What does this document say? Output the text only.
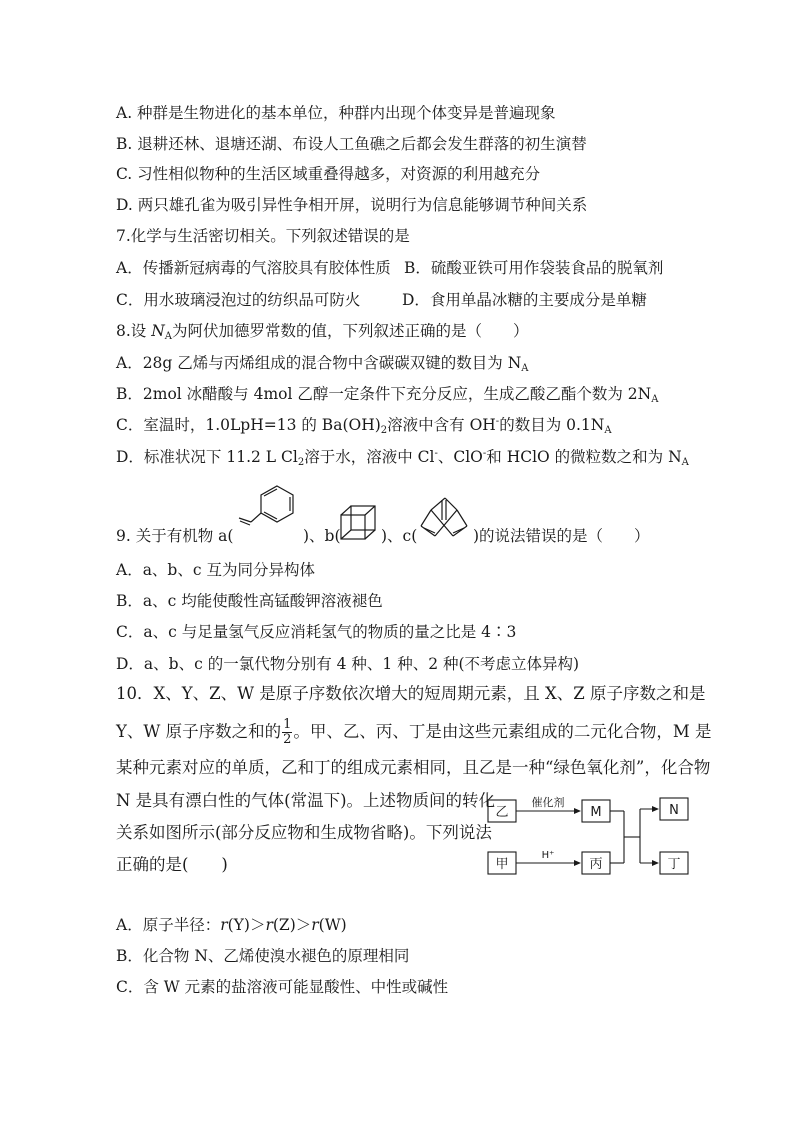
A. 种群是生物进化的基本单位，种群内出现个体变异是普遍现象
B. 退耕还林、退塘还湖、布设人工鱼礁之后都会发生群落的初生演替
C. 习性相似物种的生活区域重叠得越多，对资源的利用越充分
D. 两只雄孔雀为吸引异性争相开屏，说明行为信息能够调节种间关系
7.化学与生活密切相关。下列叙述错误的是
A．传播新冠病毒的气溶胶具有胶体性质 B．硫酸亚铁可用作袋装食品的脱氧剂
C．用水玻璃浸泡过的纺织品可防火	D．食用单晶冰糖的主要成分是单糖
8.设 $N_A$为阿伏加德罗常数的值，下列叙述正确的是（　　）
A．28g 乙烯与丙烯组成的混合物中含碳碳双键的数目为 $N_A$
B．2mol 冰醋酸与 4mol 乙醇一定条件下充分反应，生成乙酸乙酯个数为 $2N_A$
C．室温时，1.0LpH=13 的 $Ba(OH)_2$溶液中含有 OH-的数目为 $0.1N_A$
D．标准状况下 11.2 L $Cl_2$溶于水，溶液中 Cl-、ClO-和 HClO 的微粒数之和为 $N_A$
9. 关于有机物 a(	)、b(	)、c(	)的说法错误的是（　　）
A．a、b、c 互为同分异构体
B．a、c 均能使酸性高锰酸钾溶液褪色
C．a、c 与足量氢气反应消耗氢气的物质的量之比是 4∶3
D．a、b、c 的一氯代物分别有 4 种、1 种、2 种(不考虑立体异构)
10．X、Y、Z、W 是原子序数依次增大的短周期元素，且 X、Z 原子序数之和是
Y、W 原子序数之和的 $\frac{1}{2}$ 。甲、乙、丙、丁是由这些元素组成的二元化合物，M 是
某种元素对应的单质，乙和丁的组成元素相同，且乙是一种“绿色氧化剂”，化合物
N 是具有漂白性的气体(常温下)。上述物质间的转化
关系如图所示(部分反应物和生成物省略)。下列说法
正确的是(　　)
乙	M	N
甲	丙	丁
催化剂
H⁺
A．原子半径：r(Y)＞r(Z)＞r(W)
B．化合物 N、乙烯使溴水褪色的原理相同
C．含 W 元素的盐溶液可能显酸性、中性或碱性
